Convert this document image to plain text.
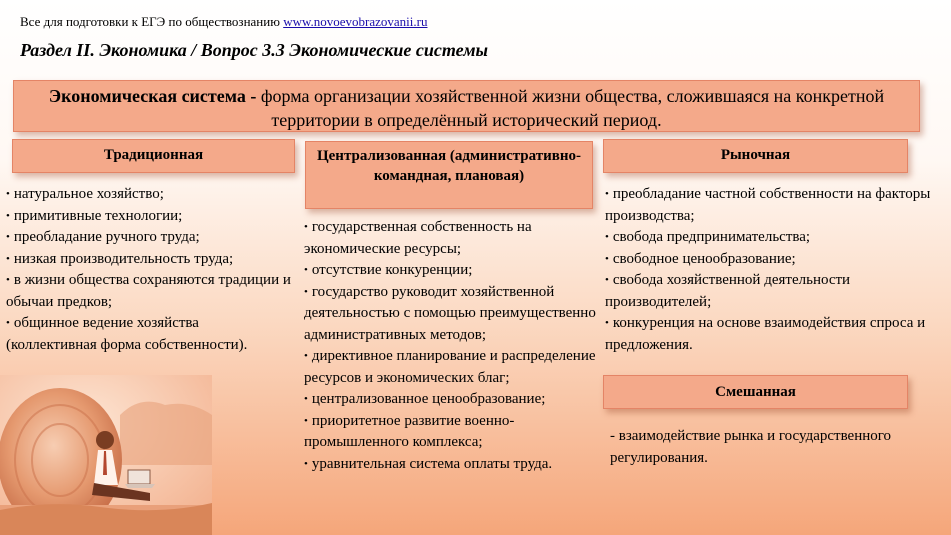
Все для подготовки к ЕГЭ по обществознанию www.novoevobrazovanii.ru
Раздел II. Экономика / Вопрос 3.3 Экономические системы
Экономическая система - форма организации хозяйственной жизни общества, сложившаяся на конкретной территории в определённый исторический период.
Традиционная	Централизованная (административно-командная, плановая)
Рыночная
Смешанная
• натуральное хозяйство;
• примитивные технологии;
• преобладание ручного труда;
• низкая производительность труда;
• в жизни общества сохраняются традиции и обычаи предков;
• общинное ведение хозяйства (коллективная форма собственности).
• государственная собственность на экономические ресурсы;
• отсутствие конкуренции;
• государство руководит хозяйственной деятельностью с помощью преимущественно административных методов;
• директивное планирование и распределение ресурсов и экономических благ;
• централизованное ценообразование;
• приоритетное развитие военно-промышленного комплекса;
• уравнительная система оплаты труда.
• преобладание частной собственности на факторы производства;
• свобода предпринимательства;
• свободное ценообразование;
• свобода хозяйственной деятельности производителей;
• конкуренция на основе взаимодействия спроса и предложения.
- взаимодействие рынка и государственного регулирования.
